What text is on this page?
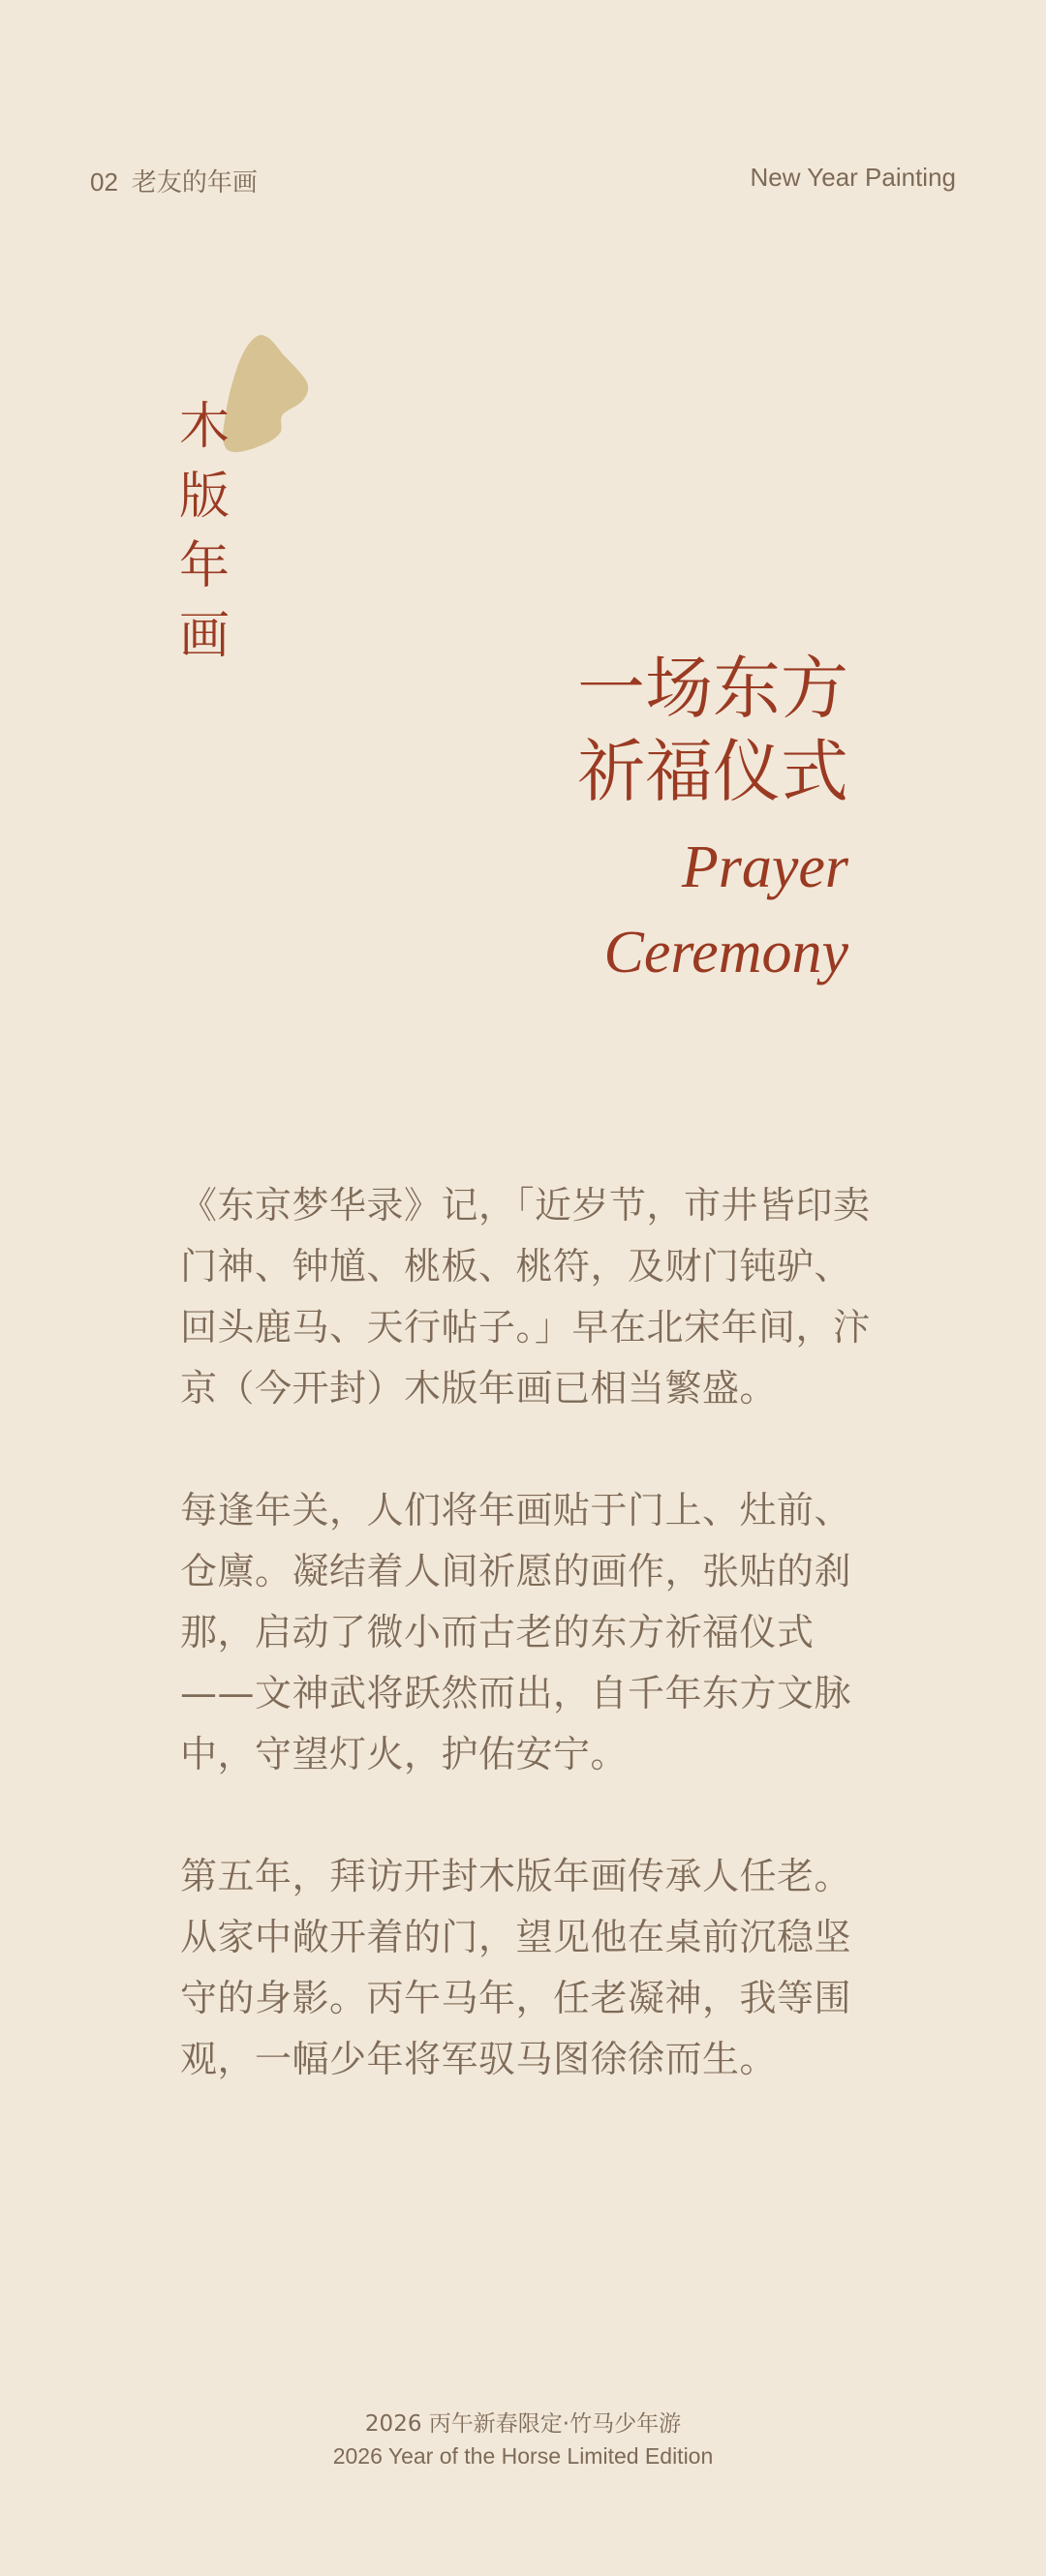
02 老友的年画	New Year Painting
木
版
年
画
一场东方
祈福仪式
Prayer
Ceremony

《东京梦华录》记，「近岁节，市井皆印卖门神、钟馗、桃板、桃符，及财门钝驴、回头鹿马、天行帖子。」早在北宋年间，汴京（今开封）木版年画已相当繁盛。

每逢年关，人们将年画贴于门上、灶前、仓廪。凝结着人间祈愿的画作，张贴的刹那，启动了微小而古老的东方祈福仪式——文神武将跃然而出，自千年东方文脉中，守望灯火，护佑安宁。

第五年，拜访开封木版年画传承人任老。从家中敞开着的门，望见他在桌前沉稳坚守的身影。丙午马年，任老凝神，我等围观，一幅少年将军驭马图徐徐而生。

2026 丙午新春限定·竹马少年游
2026 Year of the Horse Limited Edition
